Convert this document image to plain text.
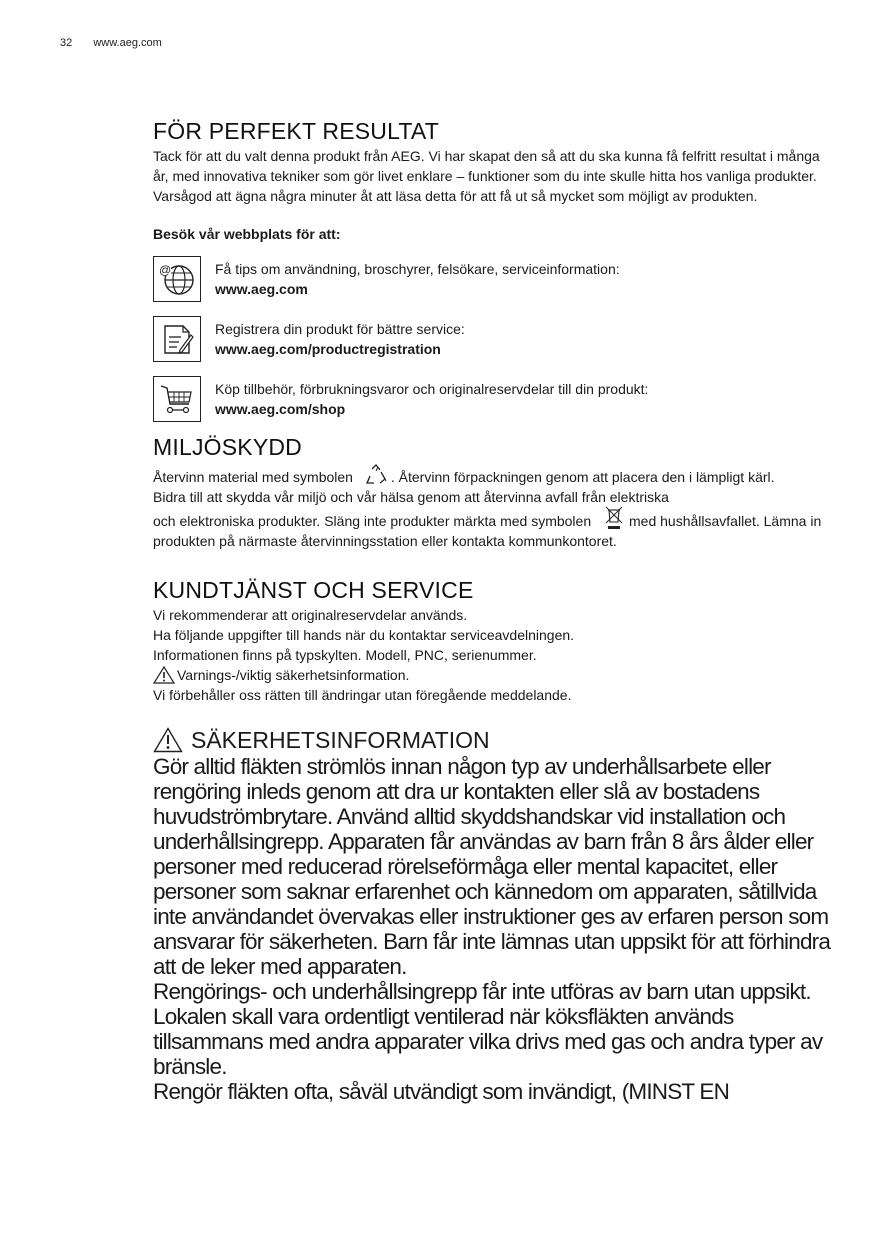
32 www.aeg.com
FÖR PERFEKT RESULTAT

Tack för att du valt denna produkt från AEG. Vi har skapat den så att du ska kunna få felfritt resultat i många år, med innovativa tekniker som gör livet enklare – funktioner som du inte skulle hitta hos vanliga produkter. Varsågod att ägna några minuter åt att läsa detta för att få ut så mycket som möjligt av produkten.

Besök vår webbplats för att:
@	Få tips om användning, broschyrer, felsökare, serviceinformation:
www.aeg.com
Registrera din produkt för bättre service:
www.aeg.com/productregistration
Köp tillbehör, förbrukningsvaror och originalreservdelar till din produkt:
www.aeg.com/shop
MILJÖSKYDD

Återvinn material med symbolen	. Återvinn förpackningen genom att placera den i lämpligt kärl.

Bidra till att skydda vår miljö och vår hälsa genom att återvinna avfall från elektriska

och elektroniska produkter. Släng inte produkter märkta med symbolen	med hushållsavfallet. Lämna in produkten på närmaste återvinningsstation eller kontakta kommunkontoret.

KUNDTJÄNST OCH SERVICE

Vi rekommenderar att originalreservdelar används.

Ha följande uppgifter till hands när du kontaktar serviceavdelningen.

Informationen finns på typskylten. Modell, PNC, serienummer.

Varnings-/viktig säkerhetsinformation.

Vi förbehåller oss rätten till ändringar utan föregående meddelande.

SÄKERHETSINFORMATION

Gör alltid fläkten strömlös innan någon typ av underhållsarbete eller rengöring inleds genom att dra ur kontakten eller slå av bostadens huvudströmbrytare. Använd alltid skyddshandskar vid installation och underhållsingrepp. Apparaten får användas av barn från 8 års ålder eller personer med reducerad rörelseförmåga eller mental kapacitet, eller personer som saknar erfarenhet och kännedom om apparaten, såtillvida inte användandet övervakas eller instruktioner ges av erfaren person som ansvarar för säkerheten. Barn får inte lämnas utan uppsikt för att förhindra att de leker med apparaten.

Rengörings- och underhållsingrepp får inte utföras av barn utan uppsikt.

Lokalen skall vara ordentligt ventilerad när köksfläkten används tillsammans med andra apparater vilka drivs med gas och andra typer av bränsle.

Rengör fläkten ofta, såväl utvändigt som invändigt, (MINST EN
